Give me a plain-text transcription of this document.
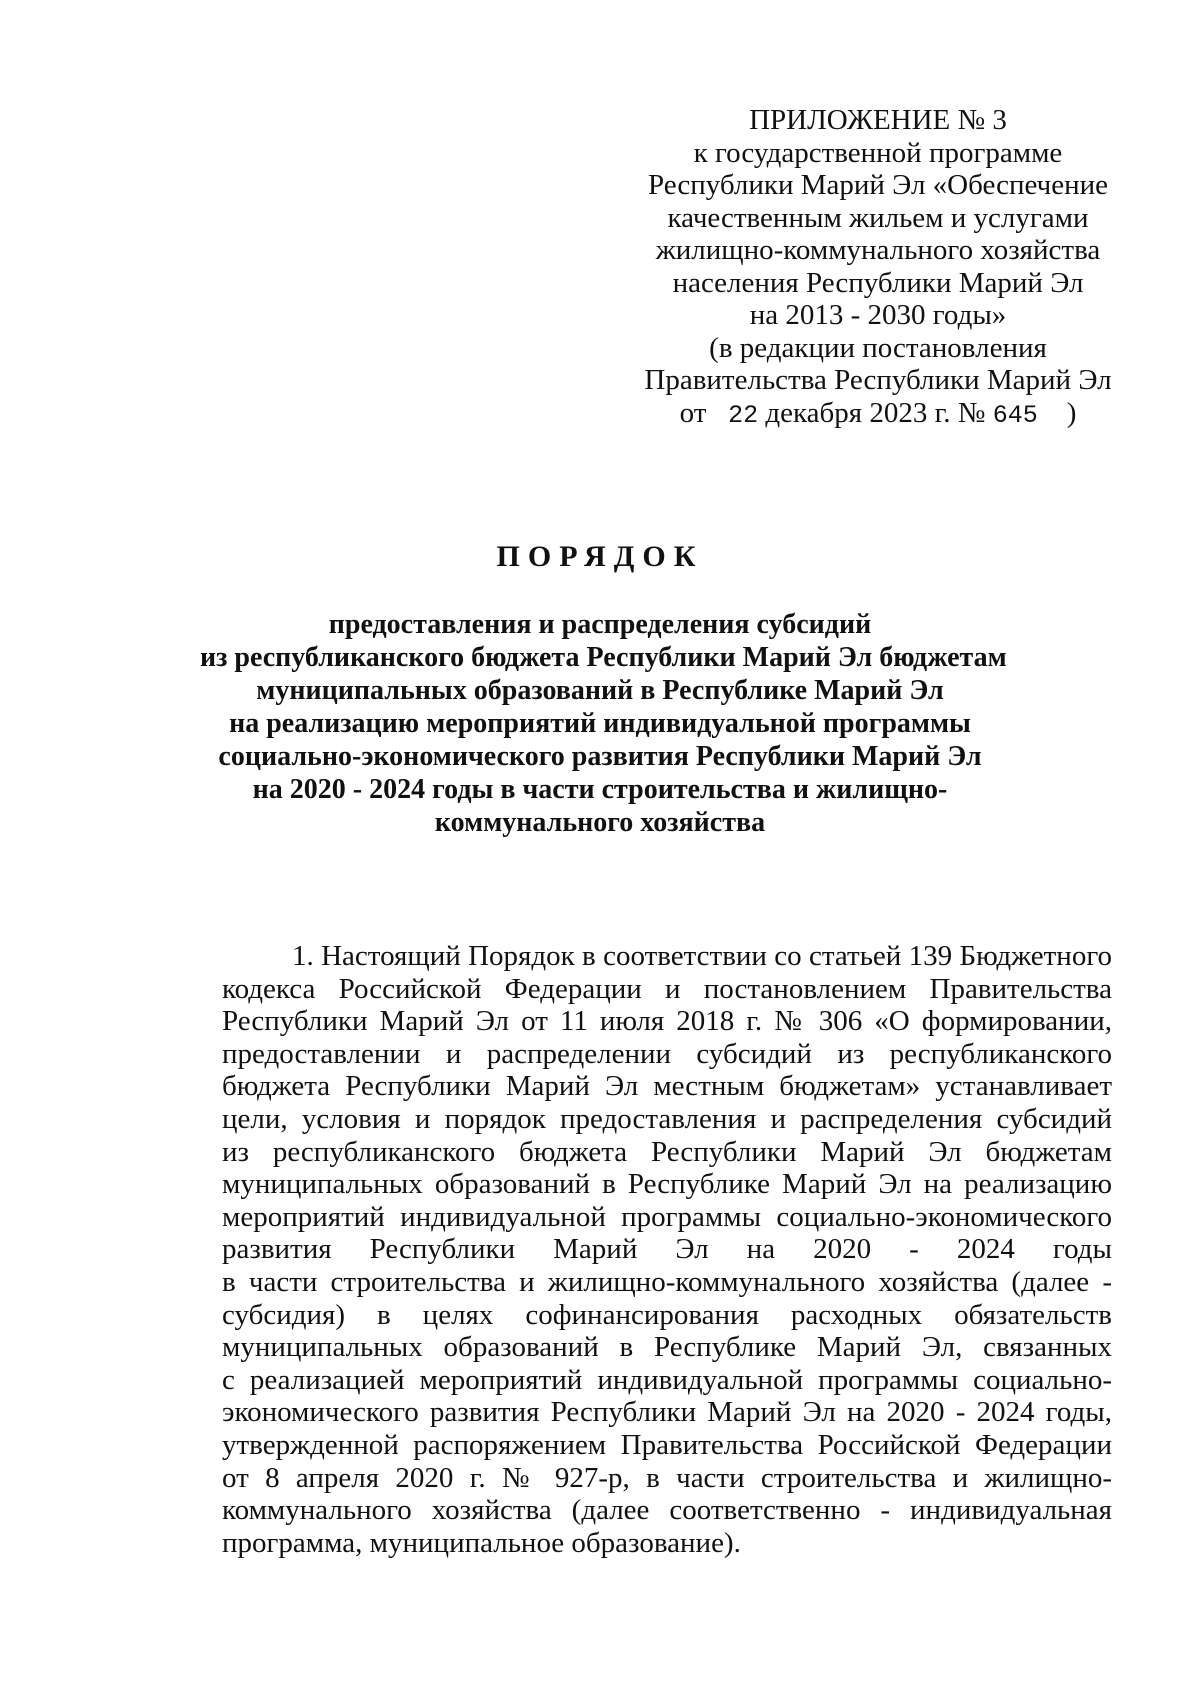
ПРИЛОЖЕНИЕ № 3
к государственной программе
Республики Марий Эл «Обеспечение
качественным жильем и услугами
жилищно-коммунального хозяйства
населения Республики Марий Эл
на 2013 - 2030 годы»
(в редакции постановления
Правительства Республики Марий Эл
от 22 декабря 2023 г. № 645 )
ПОРЯДОК
предоставления и распределения субсидий
из республиканского бюджета Республики Марий Эл бюджетам
муниципальных образований в Республике Марий Эл
на реализацию мероприятий индивидуальной программы
социально-экономического развития Республики Марий Эл
на 2020 - 2024 годы в части строительства и жилищно-
коммунального хозяйства
1. Настоящий Порядок в соответствии со статьей 139 Бюджетного
кодекса Российской Федерации и постановлением Правительства
Республики Марий Эл от 11 июля 2018 г. № 306 «О формировании,
предоставлении и распределении субсидий из республиканского
бюджета Республики Марий Эл местным бюджетам» устанавливает
цели, условия и порядок предоставления и распределения субсидий
из республиканского бюджета Республики Марий Эл бюджетам
муниципальных образований в Республике Марий Эл на реализацию
мероприятий индивидуальной программы социально-экономического
развития Республики Марий Эл на 2020 - 2024 годы
в части строительства и жилищно-коммунального хозяйства (далее -
субсидия) в целях софинансирования расходных обязательств
муниципальных образований в Республике Марий Эл, связанных
с реализацией мероприятий индивидуальной программы социально-
экономического развития Республики Марий Эл на 2020 - 2024 годы,
утвержденной распоряжением Правительства Российской Федерации
от 8 апреля 2020 г. № 927-р, в части строительства и жилищно-
коммунального хозяйства (далее соответственно - индивидуальная
программа, муниципальное образование).
